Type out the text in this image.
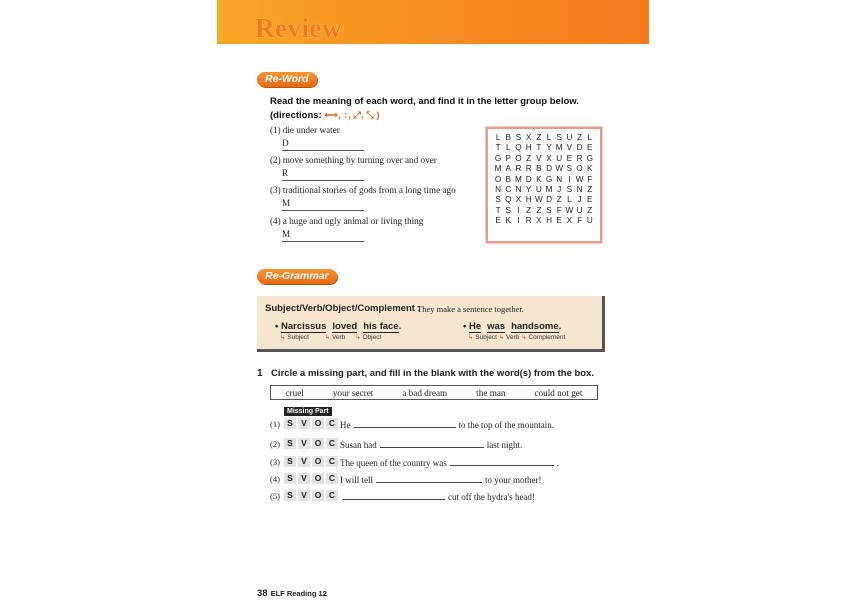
Review
Re-Word
Read the meaning of each word, and find it in the letter group below.
(directions: ⟷, ↕, ⤢, ⤡ )
(1) die under water
D
(2) move something by turning over and over
R
(3) traditional stories of gods from a long time ago
M
(4) a huge and ugly animal or living thing
M
L B S X Z L S U Z L
T L Q H T Y M V D E
G P O Z V X U E R G
M A R R B D W S O K
O B M D K G N I W F
N C N Y U M J S N Z
S Q X H W D Z L J E
T S I Z Z S F W U Z
E K I R X H E X F U
Re-Grammar
Subject/Verb/Object/Complement :
They make a sentence together.
• Narcissus loved his face.
↳ Subject ↳ Verb ↳ Object
• He was handsome.
↳ Subject ↳ Verb ↳ Complement
1 Circle a missing part, and fill in the blank with the word(s) from the box.
cruel	your secret	a bad dream	the man	could not get
Missing Part
(1) S V O C He	to the top of the mountain.
(2) S V O C Susan had	last night.
(3) S V O C The queen of the country was	.
(4) S V O C I will tell	to your mother!
(5) S V O C	cut off the hydra's head!
38 ELF Reading 12
